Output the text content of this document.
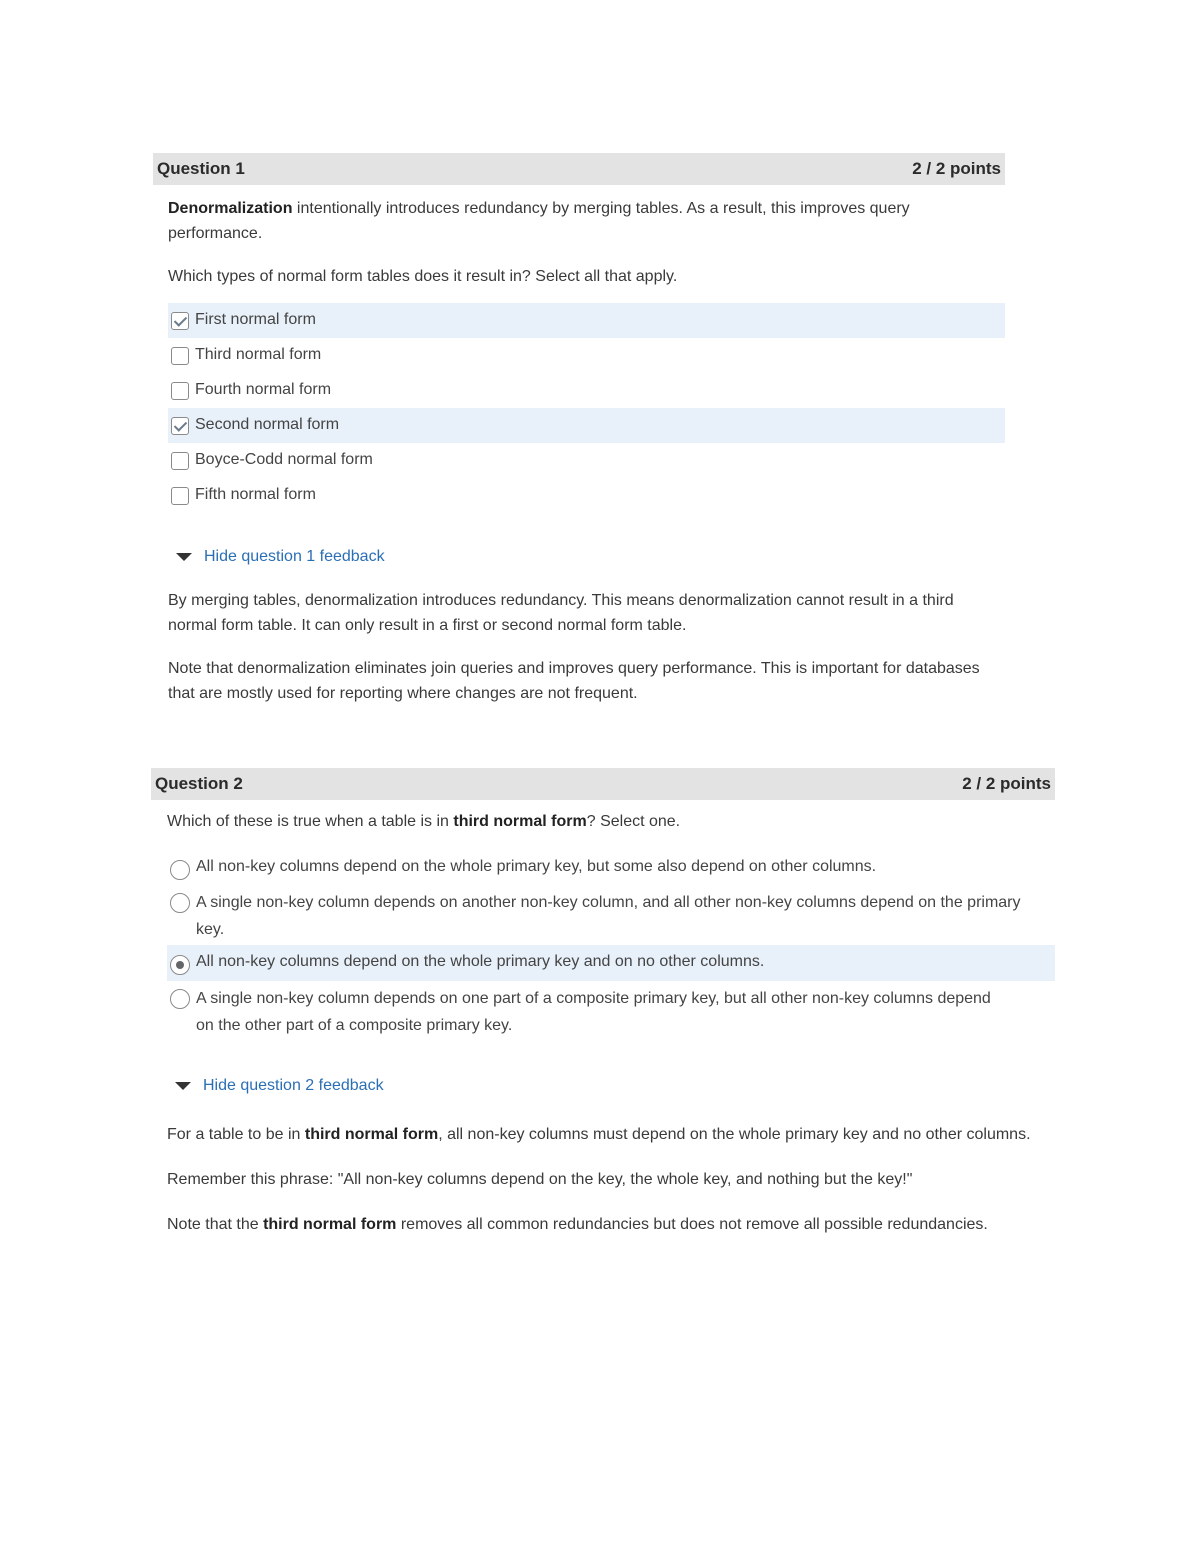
Question 1	2 / 2 points

Denormalization intentionally introduces redundancy by merging tables. As a result, this improves query performance.

Which types of normal form tables does it result in? Select all that apply.

First normal form
Third normal form
Fourth normal form
Second normal form
Boyce-Codd normal form
Fifth normal form
Hide question 1 feedback

By merging tables, denormalization introduces redundancy. This means denormalization cannot result in a third normal form table. It can only result in a first or second normal form table.

Note that denormalization eliminates join queries and improves query performance. This is important for databases that are mostly used for reporting where changes are not frequent.

Question 2	2 / 2 points

Which of these is true when a table is in third normal form? Select one.

All non-key columns depend on the whole primary key, but some also depend on other columns.
A single non-key column depends on another non-key column, and all other non-key columns depend on the primary key.
All non-key columns depend on the whole primary key and on no other columns.
A single non-key column depends on one part of a composite primary key, but all other non-key columns depend on the other part of a composite primary key.
Hide question 2 feedback

For a table to be in third normal form, all non-key columns must depend on the whole primary key and no other columns.

Remember this phrase: "All non-key columns depend on the key, the whole key, and nothing but the key!"

Note that the third normal form removes all common redundancies but does not remove all possible redundancies.
